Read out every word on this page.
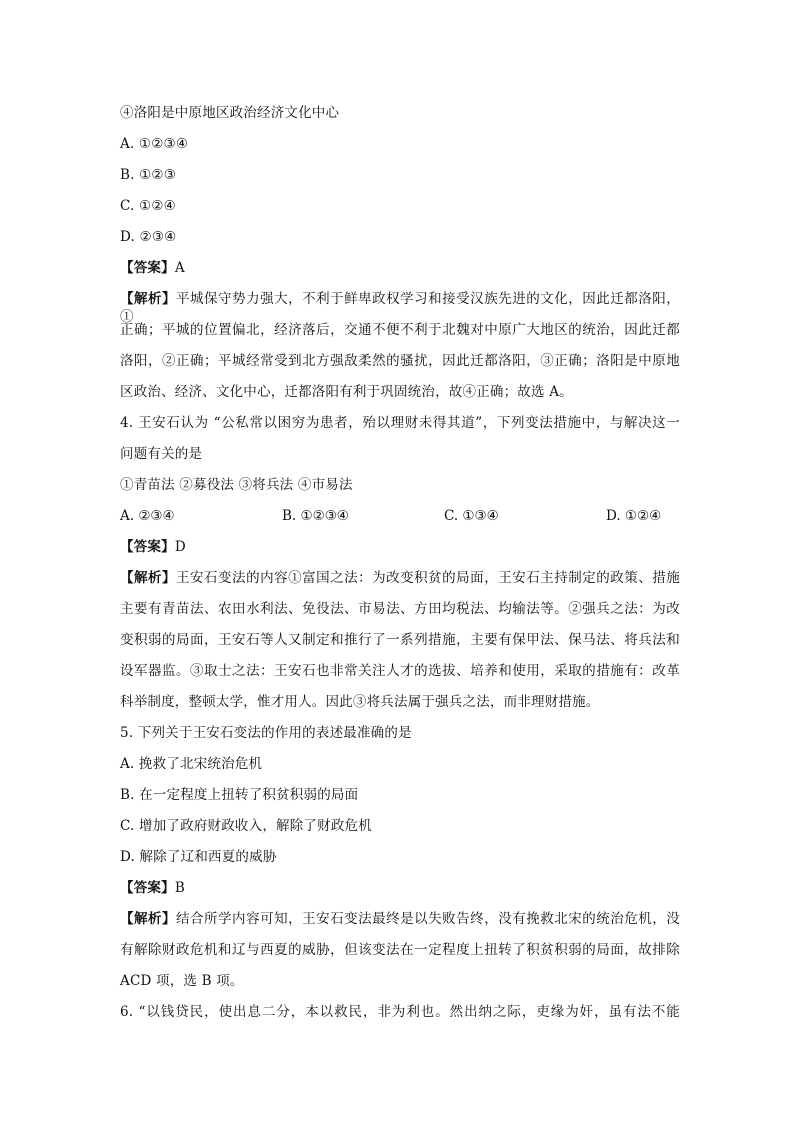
④洛阳是中原地区政治经济文化中心
A. ①②③④
B. ①②③
C. ①②④
D. ②③④
【答案】A
【解析】平城保守势力强大，不利于鲜卑政权学习和接受汉族先进的文化，因此迁都洛阳，①
正确；平城的位置偏北，经济落后，交通不便不利于北魏对中原广大地区的统治，因此迁都
洛阳，②正确；平城经常受到北方强敌柔然的骚扰，因此迁都洛阳，③正确；洛阳是中原地
区政治、经济、文化中心，迁都洛阳有利于巩固统治，故④正确；故选 A。
4. 王安石认为 “公私常以困穷为患者，殆以理财未得其道”，下列变法措施中，与解决这一
问题有关的是
①青苗法 ②募役法 ③将兵法 ④市易法
A. ②③④	B. ①②③④	C. ①③④	D. ①②④
【答案】D
【解析】王安石变法的内容①富国之法：为改变积贫的局面，王安石主持制定的政策、措施
主要有青苗法、农田水利法、免役法、市易法、方田均税法、均输法等。②强兵之法：为改
变积弱的局面，王安石等人又制定和推行了一系列措施，主要有保甲法、保马法、将兵法和
设军器监。③取士之法：王安石也非常关注人才的选拔、培养和使用，采取的措施有：改革
科举制度，整顿太学，惟才用人。因此③将兵法属于强兵之法，而非理财措施。
5. 下列关于王安石变法的作用的表述最准确的是
A. 挽救了北宋统治危机
B. 在一定程度上扭转了积贫积弱的局面
C. 增加了政府财政收入，解除了财政危机
D. 解除了辽和西夏的威胁
【答案】B
【解析】结合所学内容可知，王安石变法最终是以失败告终，没有挽救北宋的统治危机，没
有解除财政危机和辽与西夏的威胁，但该变法在一定程度上扭转了积贫积弱的局面，故排除
ACD 项，选 B 项。
6. “以钱贷民，使出息二分，本以救民，非为利也。然出纳之际，吏缘为奸，虽有法不能
